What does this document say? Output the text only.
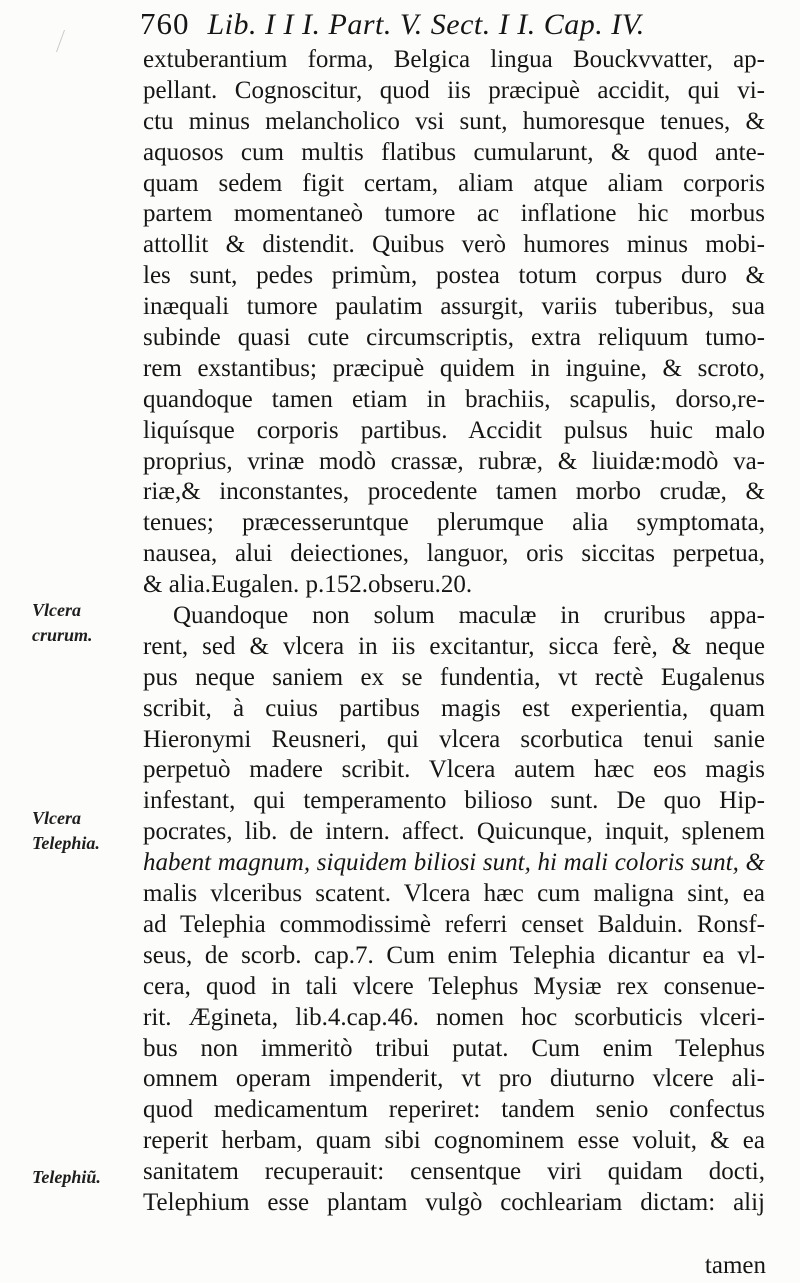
760 Lib. I I I. Part. V. Sect. I I. Cap. IV.
Vlcera
crurum.
Vlcera
Telephia.
Telephiũ.
extuberantium forma, Belgica lingua Bouckvvatter, ap-
pellant. Cognoscitur, quod iis præcipuè accidit, qui vi-
ctu minus melancholico vsi sunt, humoresque tenues, &
aquosos cum multis flatibus cumularunt, & quod ante-
quam sedem figit certam, aliam atque aliam corporis
partem momentaneò tumore ac inflatione hic morbus
attollit & distendit. Quibus verò humores minus mobi-
les sunt, pedes primùm, postea totum corpus duro &
inæquali tumore paulatim assurgit, variis tuberibus, sua
subinde quasi cute circumscriptis, extra reliquum tumo-
rem exstantibus; præcipuè quidem in inguine, & scroto,
quandoque tamen etiam in brachiis, scapulis, dorso,re-
liquísque corporis partibus. Accidit pulsus huic malo
proprius, vrinæ modò crassæ, rubræ, & liuidæ:modò va-
riæ,& inconstantes, procedente tamen morbo crudæ, &
tenues; præcesseruntque plerumque alia symptomata,
nausea, alui deiectiones, languor, oris siccitas perpetua,
& alia.Eugalen. p.152.obseru.20.
Quandoque non solum maculæ in cruribus appa-
rent, sed & vlcera in iis excitantur, sicca ferè, & neque
pus neque saniem ex se fundentia, vt rectè Eugalenus
scribit, à cuius partibus magis est experientia, quam
Hieronymi Reusneri, qui vlcera scorbutica tenui sanie
perpetuò madere scribit. Vlcera autem hæc eos magis
infestant, qui temperamento bilioso sunt. De quo Hip-
pocrates, lib. de intern. affect. Quicunque, inquit, splenem
habent magnum, siquidem biliosi sunt, hi mali coloris sunt, &
malis vlceribus scatent. Vlcera hæc cum maligna sint, ea
ad Telephia commodissimè referri censet Balduin. Ronsf-
seus, de scorb. cap.7. Cum enim Telephia dicantur ea vl-
cera, quod in tali vlcere Telephus Mysiæ rex consenue-
rit. Ægineta, lib.4.cap.46. nomen hoc scorbuticis vlceri-
bus non immeritò tribui putat. Cum enim Telephus
omnem operam impenderit, vt pro diuturno vlcere ali-
quod medicamentum reperiret: tandem senio confectus
reperit herbam, quam sibi cognominem esse voluit, & ea
sanitatem recuperauit: censentque viri quidam docti,
Telephium esse plantam vulgò cochleariam dictam: alij
tamen
